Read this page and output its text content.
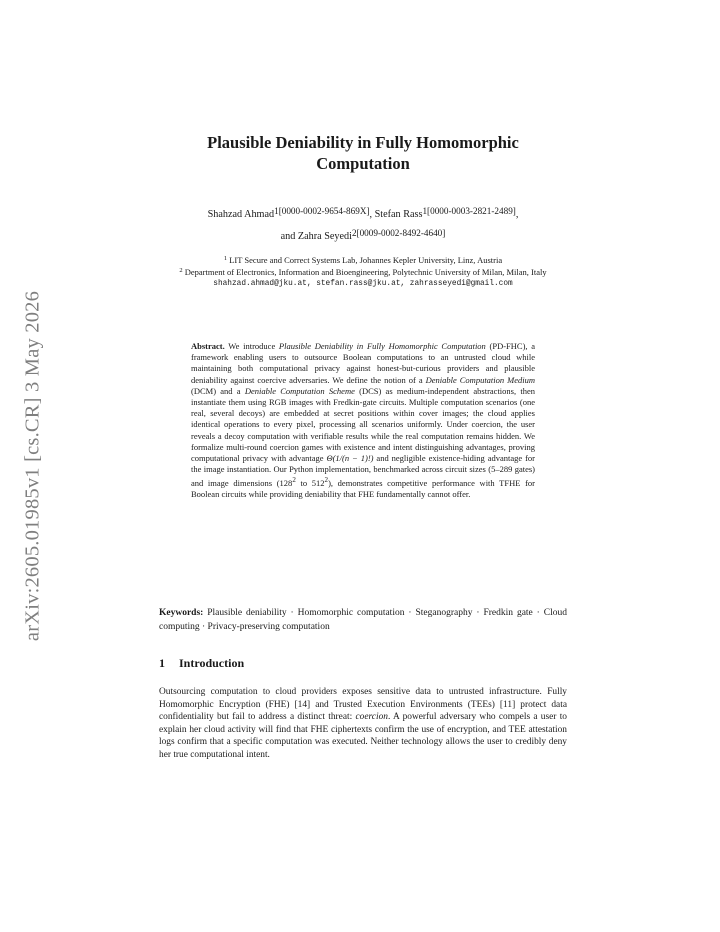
arXiv:2605.01985v1 [cs.CR] 3 May 2026
Plausible Deniability in Fully Homomorphic Computation
Shahzad Ahmad$^{1[0000-0002-9654-869X]}$, Stefan Rass$^{1[0000-0003-2821-2489]}$,
and Zahra Seyedi$^{2[0009-0002-8492-4640]}$
$^1$ LIT Secure and Correct Systems Lab, Johannes Kepler University, Linz, Austria
$^2$ Department of Electronics, Information and Bioengineering, Polytechnic University of Milan, Milan, Italy
shahzad.ahmad@jku.at, stefan.rass@jku.at, zahrasseyedi@gmail.com
Abstract. We introduce Plausible Deniability in Fully Homomorphic Computation (PD-FHC), a framework enabling users to outsource Boolean computations to an untrusted cloud while maintaining both computational privacy against honest-but-curious providers and plausible deniability against coercive adversaries. We define the notion of a Deniable Computation Medium (DCM) and a Deniable Computation Scheme (DCS) as medium-independent abstractions, then instantiate them using RGB images with Fredkin-gate circuits. Multiple computation scenarios (one real, several decoys) are embedded at secret positions within cover images; the cloud applies identical operations to every pixel, processing all scenarios uniformly. Under coercion, the user reveals a decoy computation with verifiable results while the real computation remains hidden. We formalize multi-round coercion games with existence and intent distinguishing advantages, proving computational privacy with advantage Θ(1/(n − 1)!) and negligible existence-hiding advantage for the image instantiation. Our Python implementation, benchmarked across circuit sizes (5–289 gates) and image dimensions ($128^2$ to $512^2$), demonstrates competitive performance with TFHE for Boolean circuits while providing deniability that FHE fundamentally cannot offer.
Keywords: Plausible deniability · Homomorphic computation · Steganography · Fredkin gate · Cloud computing · Privacy-preserving computation
1 Introduction
Outsourcing computation to cloud providers exposes sensitive data to untrusted infrastructure. Fully Homomorphic Encryption (FHE) [14] and Trusted Execution Environments (TEEs) [11] protect data confidentiality but fail to address a distinct threat: coercion. A powerful adversary who compels a user to explain her cloud activity will find that FHE ciphertexts confirm the use of encryption, and TEE attestation logs confirm that a specific computation was executed. Neither technology allows the user to credibly deny her true computational intent.
